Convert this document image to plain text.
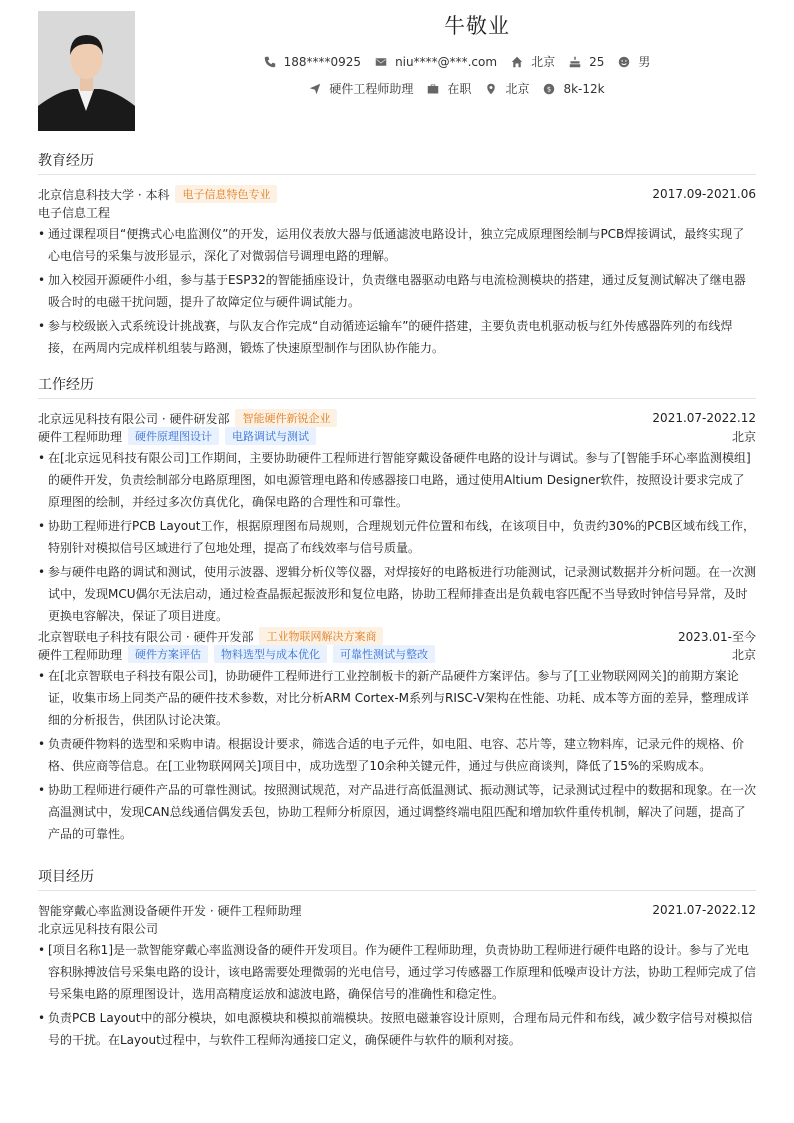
牛敬业
188****0925	niu****@***.com	北京	25	男
硬件工程师助理	在职	北京 $ 8k-12k
教育经历
北京信息科技大学 · 本科	电子信息特色专业	2017.09-2021.06
电子信息工程
• 通过课程项目“便携式心电监测仪”的开发，运用仪表放大器与低通滤波电路设计，独立完成原理图绘制与PCB焊接调试，最终实现了心电信号的采集与波形显示，深化了对微弱信号调理电路的理解。
• 加入校园开源硬件小组，参与基于ESP32的智能插座设计，负责继电器驱动电路与电流检测模块的搭建，通过反复测试解决了继电器吸合时的电磁干扰问题，提升了故障定位与硬件调试能力。
• 参与校级嵌入式系统设计挑战赛，与队友合作完成“自动循迹运输车”的硬件搭建，主要负责电机驱动板与红外传感器阵列的布线焊接，在两周内完成样机组装与路测，锻炼了快速原型制作与团队协作能力。
工作经历
北京远见科技有限公司 · 硬件研发部	智能硬件新锐企业	2021.07-2022.12
硬件工程师助理	硬件原理图设计	电路调试与测试	北京
• 在[北京远见科技有限公司]工作期间，主要协助硬件工程师进行智能穿戴设备硬件电路的设计与调试。参与了[智能手环心率监测模组]的硬件开发，负责绘制部分电路原理图，如电源管理电路和传感器接口电路，通过使用Altium Designer软件，按照设计要求完成了原理图的绘制，并经过多次仿真优化，确保电路的合理性和可靠性。
• 协助工程师进行PCB Layout工作，根据原理图布局规则，合理规划元件位置和布线，在该项目中，负责约30%的PCB区域布线工作，特别针对模拟信号区域进行了包地处理，提高了布线效率与信号质量。
• 参与硬件电路的调试和测试，使用示波器、逻辑分析仪等仪器，对焊接好的电路板进行功能测试，记录测试数据并分析问题。在一次测试中，发现MCU偶尔无法启动，通过检查晶振起振波形和复位电路，协助工程师排查出是负载电容匹配不当导致时钟信号异常，及时更换电容解决，保证了项目进度。
北京智联电子科技有限公司 · 硬件开发部	工业物联网解决方案商	2023.01-至今
硬件工程师助理	硬件方案评估	物料选型与成本优化	可靠性测试与整改	北京
• 在[北京智联电子科技有限公司]，协助硬件工程师进行工业控制板卡的新产品硬件方案评估。参与了[工业物联网网关]的前期方案论证，收集市场上同类产品的硬件技术参数，对比分析ARM Cortex-M系列与RISC-V架构在性能、功耗、成本等方面的差异，整理成详细的分析报告，供团队讨论决策。
• 负责硬件物料的选型和采购申请。根据设计要求，筛选合适的电子元件，如电阻、电容、芯片等，建立物料库，记录元件的规格、价格、供应商等信息。在[工业物联网网关]项目中，成功选型了10余种关键元件，通过与供应商谈判，降低了15%的采购成本。
• 协助工程师进行硬件产品的可靠性测试。按照测试规范，对产品进行高低温测试、振动测试等，记录测试过程中的数据和现象。在一次高温测试中，发现CAN总线通信偶发丢包，协助工程师分析原因，通过调整终端电阻匹配和增加软件重传机制，解决了问题，提高了产品的可靠性。
项目经历
智能穿戴心率监测设备硬件开发 · 硬件工程师助理	2021.07-2022.12
北京远见科技有限公司
• [项目名称1]是一款智能穿戴心率监测设备的硬件开发项目。作为硬件工程师助理，负责协助工程师进行硬件电路的设计。参与了光电容积脉搏波信号采集电路的设计，该电路需要处理微弱的光电信号，通过学习传感器工作原理和低噪声设计方法，协助工程师完成了信号采集电路的原理图设计，选用高精度运放和滤波电路，确保信号的准确性和稳定性。
• 负责PCB Layout中的部分模块，如电源模块和模拟前端模块。按照电磁兼容设计原则，合理布局元件和布线，减少数字信号对模拟信号的干扰。在Layout过程中，与软件工程师沟通接口定义，确保硬件与软件的顺利对接。
